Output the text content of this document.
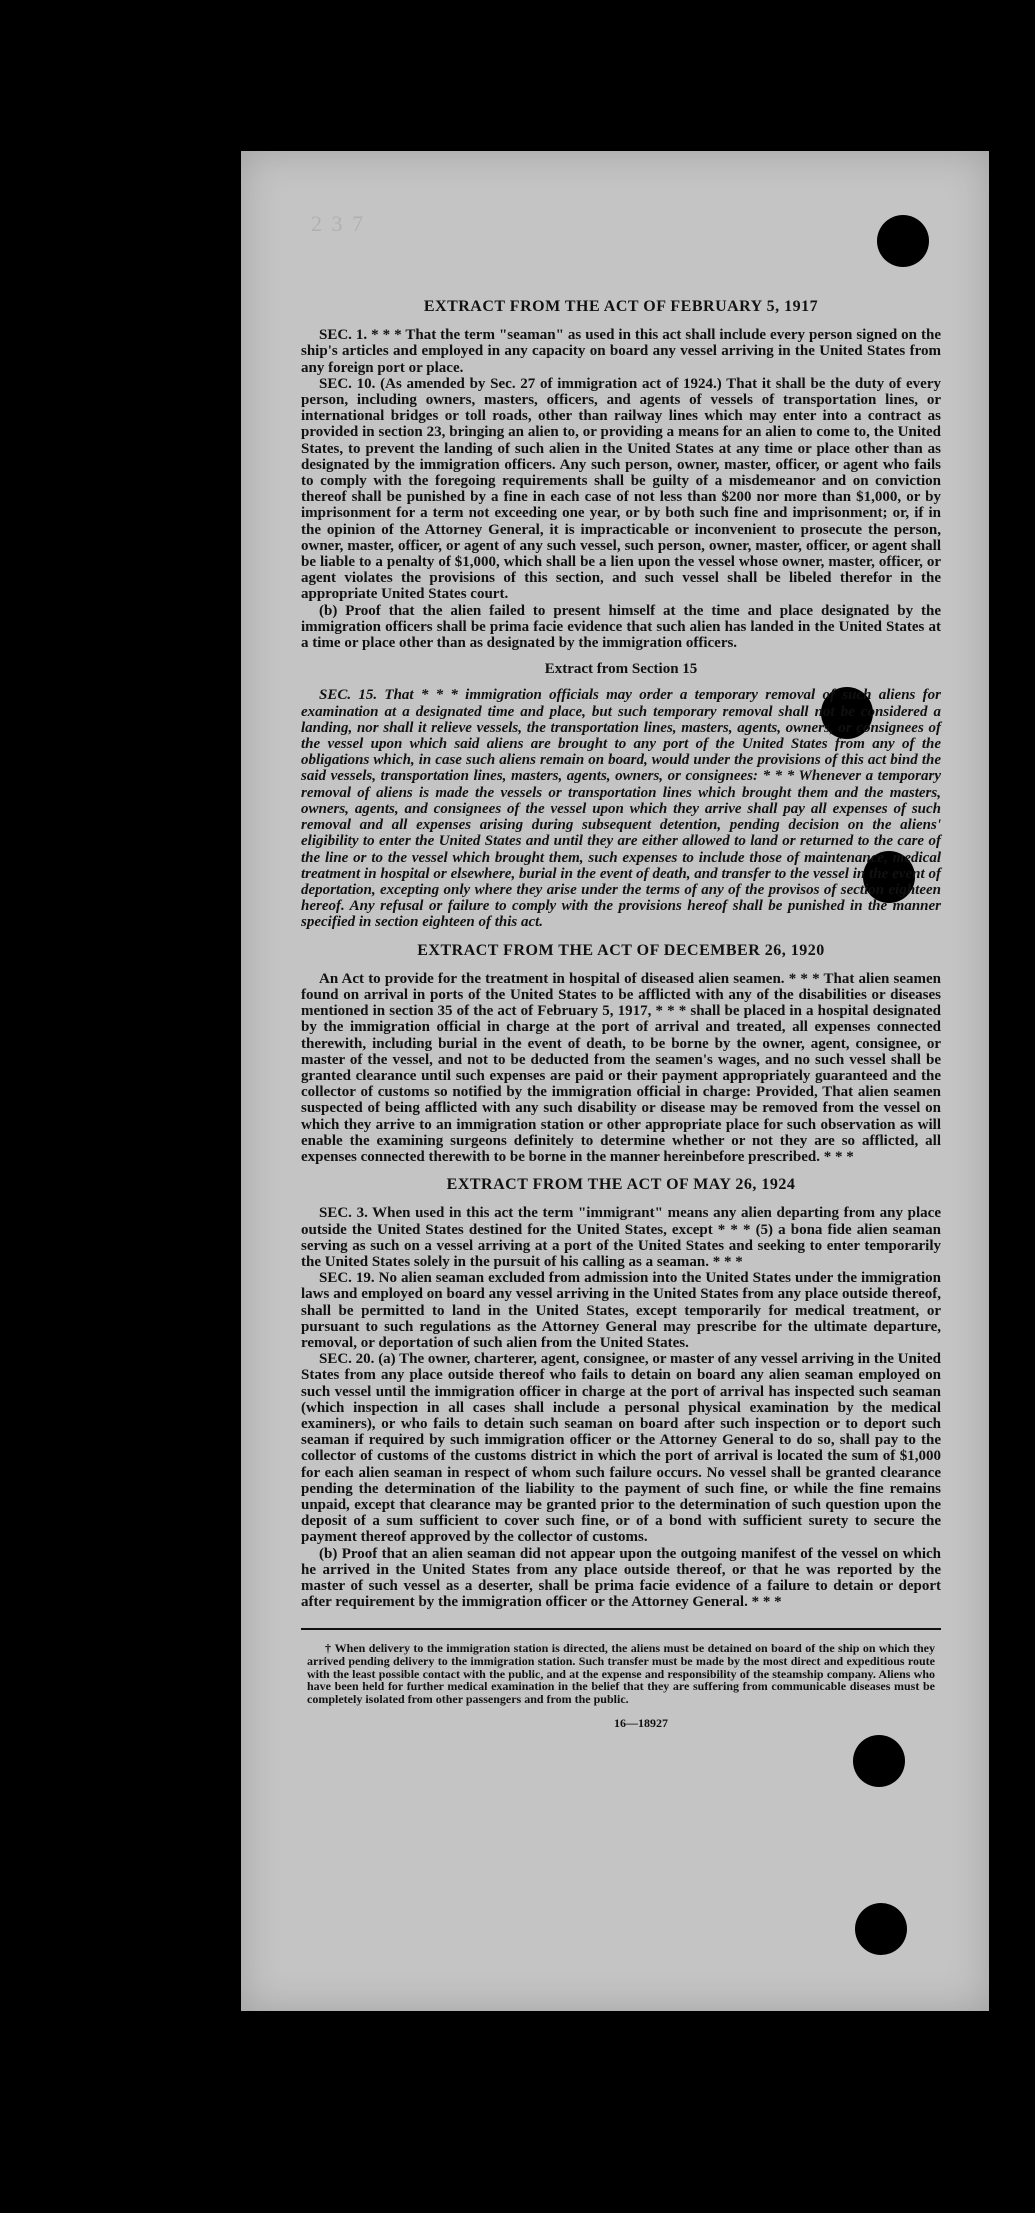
2 3 7
EXTRACT FROM THE ACT OF FEBRUARY 5, 1917

SEC. 1. * * * That the term "seaman" as used in this act shall include every person signed on the ship's articles and employed in any capacity on board any vessel arriving in the United States from any foreign port or place.

SEC. 10. (As amended by Sec. 27 of immigration act of 1924.) That it shall be the duty of every person, including owners, masters, officers, and agents of vessels of transportation lines, or international bridges or toll roads, other than railway lines which may enter into a contract as provided in section 23, bringing an alien to, or providing a means for an alien to come to, the United States, to prevent the landing of such alien in the United States at any time or place other than as designated by the immigration officers. Any such person, owner, master, officer, or agent who fails to comply with the foregoing requirements shall be guilty of a misdemeanor and on conviction thereof shall be punished by a fine in each case of not less than $200 nor more than $1,000, or by imprisonment for a term not exceeding one year, or by both such fine and imprisonment; or, if in the opinion of the Attorney General, it is impracticable or inconvenient to prosecute the person, owner, master, officer, or agent of any such vessel, such person, owner, master, officer, or agent shall be liable to a penalty of $1,000, which shall be a lien upon the vessel whose owner, master, officer, or agent violates the provisions of this section, and such vessel shall be libeled therefor in the appropriate United States court.

(b) Proof that the alien failed to present himself at the time and place designated by the immigration officers shall be prima facie evidence that such alien has landed in the United States at a time or place other than as designated by the immigration officers.

Extract from Section 15

SEC. 15. That * * * immigration officials may order a temporary removal of such aliens for examination at a designated time and place, but such temporary removal shall not be considered a landing, nor shall it relieve vessels, the transportation lines, masters, agents, owners, or consignees of the vessel upon which said aliens are brought to any port of the United States from any of the obligations which, in case such aliens remain on board, would under the provisions of this act bind the said vessels, transportation lines, masters, agents, owners, or consignees: * * * Whenever a temporary removal of aliens is made the vessels or transportation lines which brought them and the masters, owners, agents, and consignees of the vessel upon which they arrive shall pay all expenses of such removal and all expenses arising during subsequent detention, pending decision on the aliens' eligibility to enter the United States and until they are either allowed to land or returned to the care of the line or to the vessel which brought them, such expenses to include those of maintenance, medical treatment in hospital or elsewhere, burial in the event of death, and transfer to the vessel in the event of deportation, excepting only where they arise under the terms of any of the provisos of section eighteen hereof. Any refusal or failure to comply with the provisions hereof shall be punished in the manner specified in section eighteen of this act.

EXTRACT FROM THE ACT OF DECEMBER 26, 1920

An Act to provide for the treatment in hospital of diseased alien seamen. * * * That alien seamen found on arrival in ports of the United States to be afflicted with any of the disabilities or diseases mentioned in section 35 of the act of February 5, 1917, * * * shall be placed in a hospital designated by the immigration official in charge at the port of arrival and treated, all expenses connected therewith, including burial in the event of death, to be borne by the owner, agent, consignee, or master of the vessel, and not to be deducted from the seamen's wages, and no such vessel shall be granted clearance until such expenses are paid or their payment appropriately guaranteed and the collector of customs so notified by the immigration official in charge: Provided, That alien seamen suspected of being afflicted with any such disability or disease may be removed from the vessel on which they arrive to an immigration station or other appropriate place for such observation as will enable the examining surgeons definitely to determine whether or not they are so afflicted, all expenses connected therewith to be borne in the manner hereinbefore prescribed. * * *

EXTRACT FROM THE ACT OF MAY 26, 1924

SEC. 3. When used in this act the term "immigrant" means any alien departing from any place outside the United States destined for the United States, except * * * (5) a bona fide alien seaman serving as such on a vessel arriving at a port of the United States and seeking to enter temporarily the United States solely in the pursuit of his calling as a seaman. * * *

SEC. 19. No alien seaman excluded from admission into the United States under the immigration laws and employed on board any vessel arriving in the United States from any place outside thereof, shall be permitted to land in the United States, except temporarily for medical treatment, or pursuant to such regulations as the Attorney General may prescribe for the ultimate departure, removal, or deportation of such alien from the United States.

SEC. 20. (a) The owner, charterer, agent, consignee, or master of any vessel arriving in the United States from any place outside thereof who fails to detain on board any alien seaman employed on such vessel until the immigration officer in charge at the port of arrival has inspected such seaman (which inspection in all cases shall include a personal physical examination by the medical examiners), or who fails to detain such seaman on board after such inspection or to deport such seaman if required by such immigration officer or the Attorney General to do so, shall pay to the collector of customs of the customs district in which the port of arrival is located the sum of $1,000 for each alien seaman in respect of whom such failure occurs. No vessel shall be granted clearance pending the determination of the liability to the payment of such fine, or while the fine remains unpaid, except that clearance may be granted prior to the determination of such question upon the deposit of a sum sufficient to cover such fine, or of a bond with sufficient surety to secure the payment thereof approved by the collector of customs.

(b) Proof that an alien seaman did not appear upon the outgoing manifest of the vessel on which he arrived in the United States from any place outside thereof, or that he was reported by the master of such vessel as a deserter, shall be prima facie evidence of a failure to detain or deport after requirement by the immigration officer or the Attorney General. * * *

† When delivery to the immigration station is directed, the aliens must be detained on board of the ship on which they arrived pending delivery to the immigration station. Such transfer must be made by the most direct and expeditious route with the least possible contact with the public, and at the expense and responsibility of the steamship company. Aliens who have been held for further medical examination in the belief that they are suffering from communicable diseases must be completely isolated from other passengers and from the public.

16—18927
